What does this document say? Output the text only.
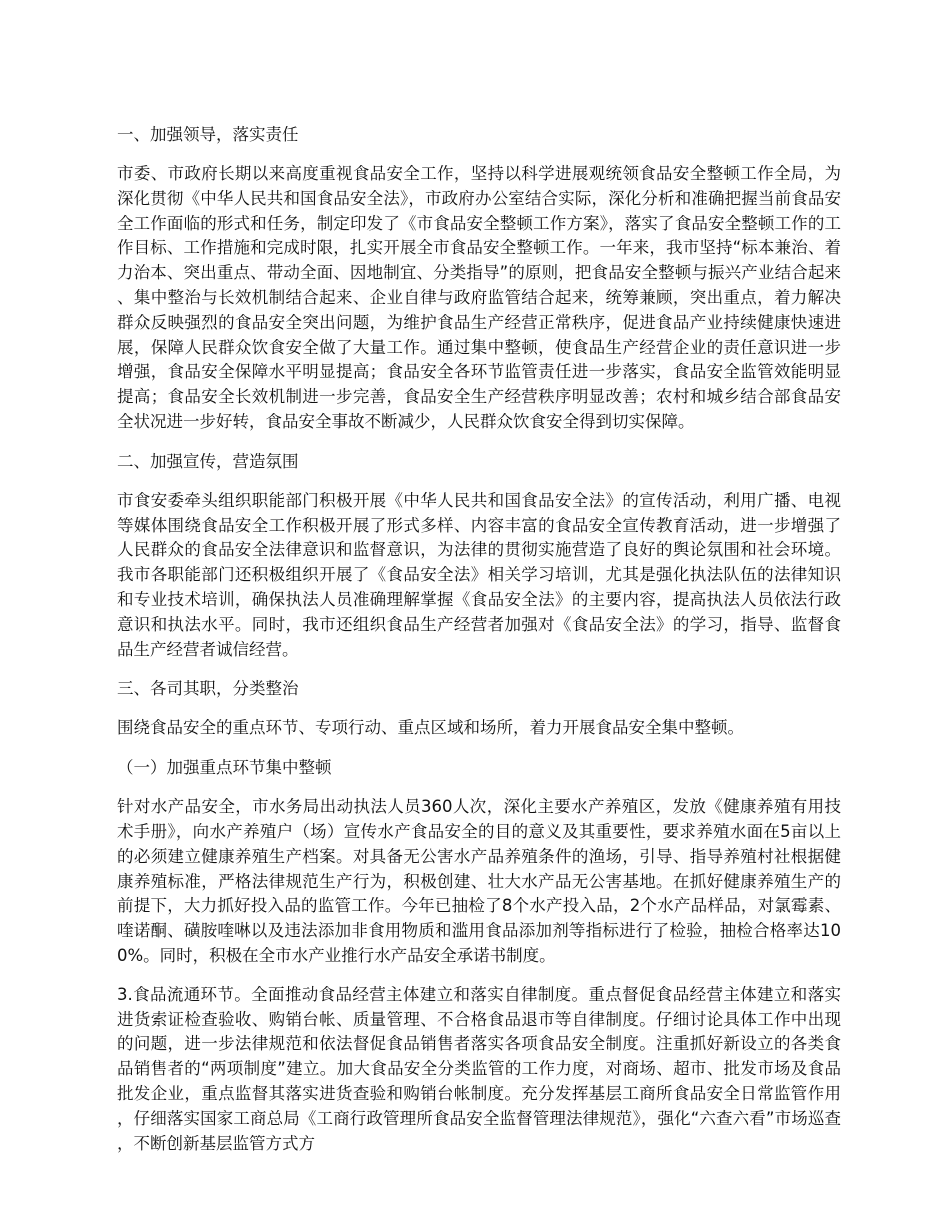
一、加强领导，落实责任

市委、市政府长期以来高度重视食品安全工作，坚持以科学进展观统领食品安全整顿工作全局，为深化贯彻《中华人民共和国食品安全法》，市政府办公室结合实际，深化分析和准确把握当前食品安全工作面临的形式和任务，制定印发了《市食品安全整顿工作方案》，落实了食品安全整顿工作的工作目标、工作措施和完成时限，扎实开展全市食品安全整顿工作。一年来，我市坚持“标本兼治、着力治本、突出重点、带动全面、因地制宜、分类指导”的原则，把食品安全整顿与振兴产业结合起来、集中整治与长效机制结合起来、企业自律与政府监管结合起来，统筹兼顾，突出重点，着力解决群众反映强烈的食品安全突出问题，为维护食品生产经营正常秩序，促进食品产业持续健康快速进展，保障人民群众饮食安全做了大量工作。通过集中整顿，使食品生产经营企业的责任意识进一步增强，食品安全保障水平明显提高；食品安全各环节监管责任进一步落实，食品安全监管效能明显提高；食品安全长效机制进一步完善，食品安全生产经营秩序明显改善；农村和城乡结合部食品安全状况进一步好转，食品安全事故不断减少，人民群众饮食安全得到切实保障。

二、加强宣传，营造氛围

市食安委牵头组织职能部门积极开展《中华人民共和国食品安全法》的宣传活动，利用广播、电视等媒体围绕食品安全工作积极开展了形式多样、内容丰富的食品安全宣传教育活动，进一步增强了人民群众的食品安全法律意识和监督意识，为法律的贯彻实施营造了良好的舆论氛围和社会环境。我市各职能部门还积极组织开展了《食品安全法》相关学习培训，尤其是强化执法队伍的法律知识和专业技术培训，确保执法人员准确理解掌握《食品安全法》的主要内容，提高执法人员依法行政意识和执法水平。同时，我市还组织食品生产经营者加强对《食品安全法》的学习，指导、监督食品生产经营者诚信经营。

三、各司其职，分类整治

围绕食品安全的重点环节、专项行动、重点区域和场所，着力开展食品安全集中整顿。

（一）加强重点环节集中整顿

针对水产品安全，市水务局出动执法人员360人次，深化主要水产养殖区，发放《健康养殖有用技术手册》，向水产养殖户（场）宣传水产食品安全的目的意义及其重要性，要求养殖水面在5亩以上的必须建立健康养殖生产档案。对具备无公害水产品养殖条件的渔场，引导、指导养殖村社根据健康养殖标准，严格法律规范生产行为，积极创建、壮大水产品无公害基地。在抓好健康养殖生产的前提下，大力抓好投入品的监管工作。今年已抽检了8个水产投入品，2个水产品样品，对氯霉素、喹诺酮、磺胺喹啉以及违法添加非食用物质和滥用食品添加剂等指标进行了检验，抽检合格率达100%。同时，积极在全市水产业推行水产品安全承诺书制度。

3.食品流通环节。全面推动食品经营主体建立和落实自律制度。重点督促食品经营主体建立和落实进货索证检查验收、购销台帐、质量管理、不合格食品退市等自律制度。仔细讨论具体工作中出现的问题，进一步法律规范和依法督促食品销售者落实各项食品安全制度。注重抓好新设立的各类食品销售者的“两项制度”建立。加大食品安全分类监管的工作力度，对商场、超市、批发市场及食品批发企业，重点监督其落实进货查验和购销台帐制度。充分发挥基层工商所食品安全日常监管作用，仔细落实国家工商总局《工商行政管理所食品安全监督管理法律规范》，强化“六查六看”市场巡查，不断创新基层监管方式方
